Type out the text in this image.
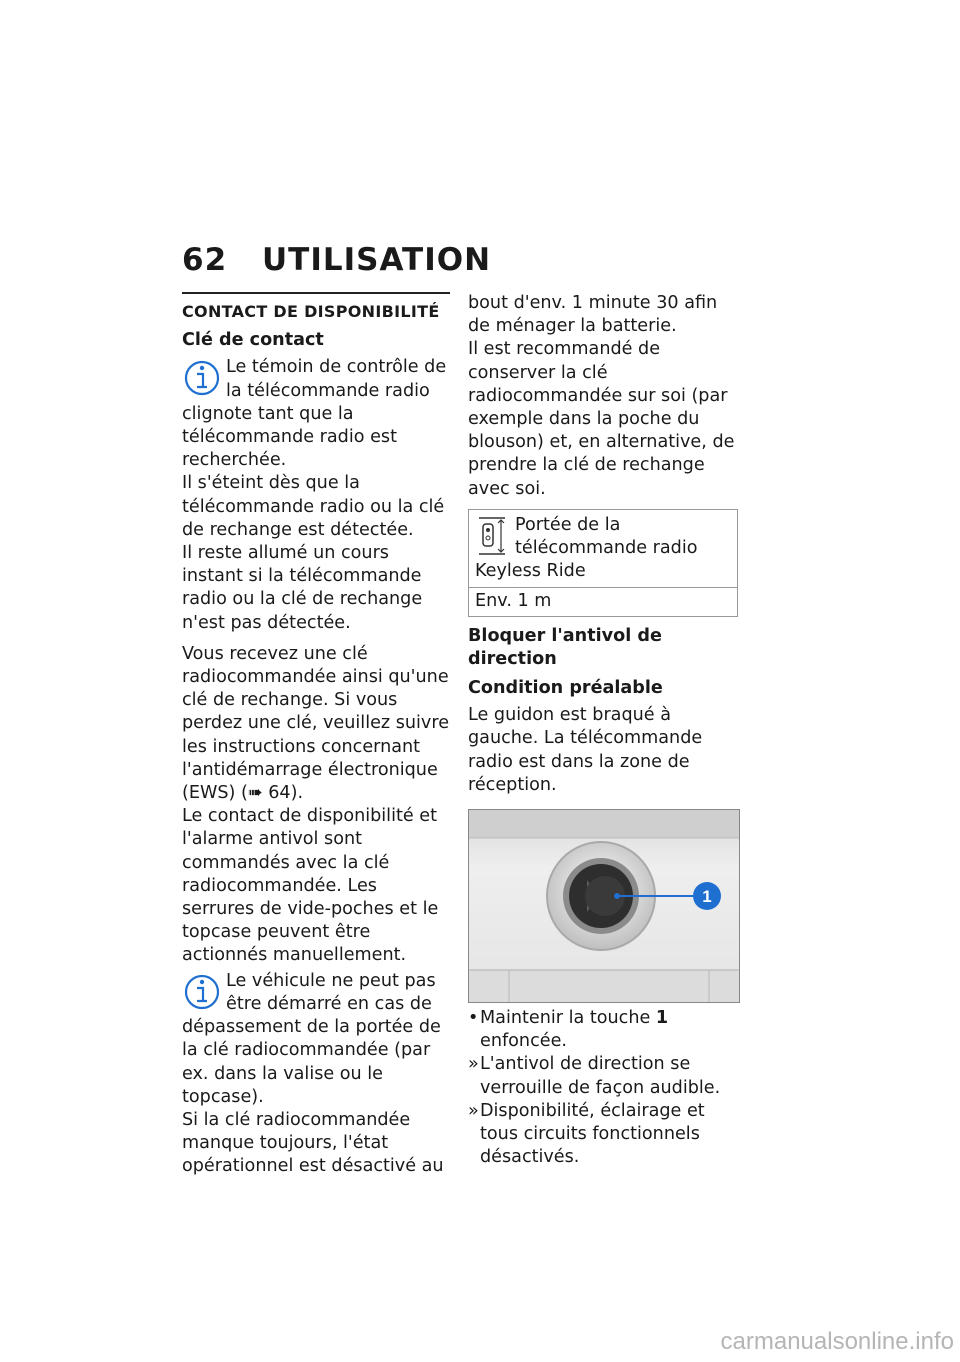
62 UTILISATION
CONTACT DE DISPONIBILITÉ
Clé de contact

Le témoin de contrôle de la télécommande radio clignote tant que la télécommande radio est recherchée.

Il s'éteint dès que la télécommande radio ou la clé de rechange est détectée.

Il reste allumé un cours instant si la télécommande radio ou la clé de rechange n'est pas détectée.

Vous recevez une clé radiocommandée ainsi qu'une clé de rechange. Si vous perdez une clé, veuillez suivre les instructions concernant l'antidémarrage électronique (EWS) (➠ 64).

Le contact de disponibilité et l'alarme antivol sont commandés avec la clé radiocommandée. Les serrures de vide-poches et le topcase peuvent être actionnés manuellement.

Le véhicule ne peut pas être démarré en cas de dépassement de la portée de la clé radiocommandée (par ex. dans la valise ou le topcase).

Si la clé radiocommandée manque toujours, l'état opérationnel est désactivé au

bout d'env. 1 minute 30 afin de ménager la batterie.

Il est recommandé de conserver la clé radiocommandée sur soi (par exemple dans la poche du blouson) et, en alternative, de prendre la clé de rechange avec soi.

Portée de la télécommande radio Keyless Ride
Env. 1 m
Bloquer l'antivol de direction
Condition préalable

Le guidon est braqué à gauche. La télécommande radio est dans la zone de réception.

1
• Maintenir la touche 1 enfoncée.
» L'antivol de direction se verrouille de façon audible.
» Disponibilité, éclairage et tous circuits fonctionnels désactivés.
carmanualsonline.info
